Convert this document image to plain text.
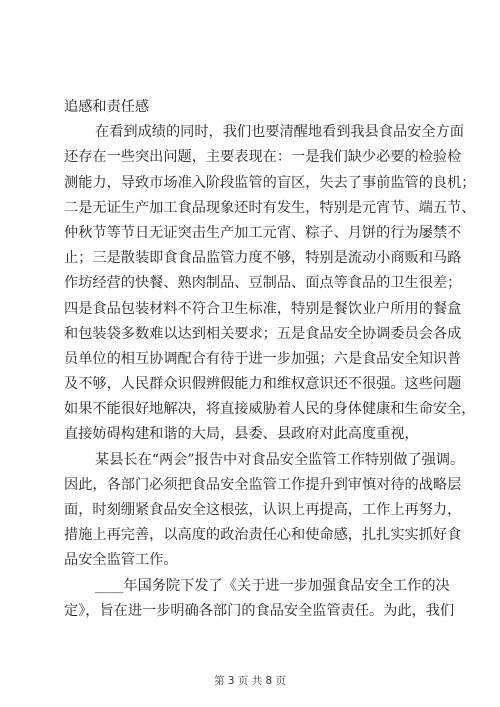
追感和责任感
在看到成绩的同时，我们也要清醒地看到我县食品安全方面
还存在一些突出问题，主要表现在：一是我们缺少必要的检验检
测能力，导致市场准入阶段监管的盲区，失去了事前监管的良机；
二是无证生产加工食品现象还时有发生，特别是元宵节、端五节、
仲秋节等节日无证突击生产加工元宵、粽子、月饼的行为屡禁不
止；三是散装即食食品监管力度不够，特别是流动小商贩和马路
作坊经营的快餐、熟肉制品、豆制品、面点等食品的卫生很差；
四是食品包装材料不符合卫生标准，特别是餐饮业户所用的餐盒
和包装袋多数难以达到相关要求；五是食品安全协调委员会各成
员单位的相互协调配合有待于进一步加强；六是食品安全知识普
及不够，人民群众识假辨假能力和维权意识还不很强。这些问题
如果不能很好地解决，将直接威胁着人民的身体健康和生命安全，
直接妨碍构建和谐的大局，县委、县政府对此高度重视，
某县长在“两会”报告中对食品安全监管工作特别做了强调。
因此，各部门必须把食品安全监管工作提升到审慎对待的战略层
面，时刻绷紧食品安全这根弦，认识上再提高，工作上再努力，
措施上再完善，以高度的政治责任心和使命感，扎扎实实抓好食
品安全监管工作。
____年国务院下发了《关于进一步加强食品安全工作的决
定》，旨在进一步明确各部门的食品安全监管责任。为此，我们
第 3 页 共 8 页
